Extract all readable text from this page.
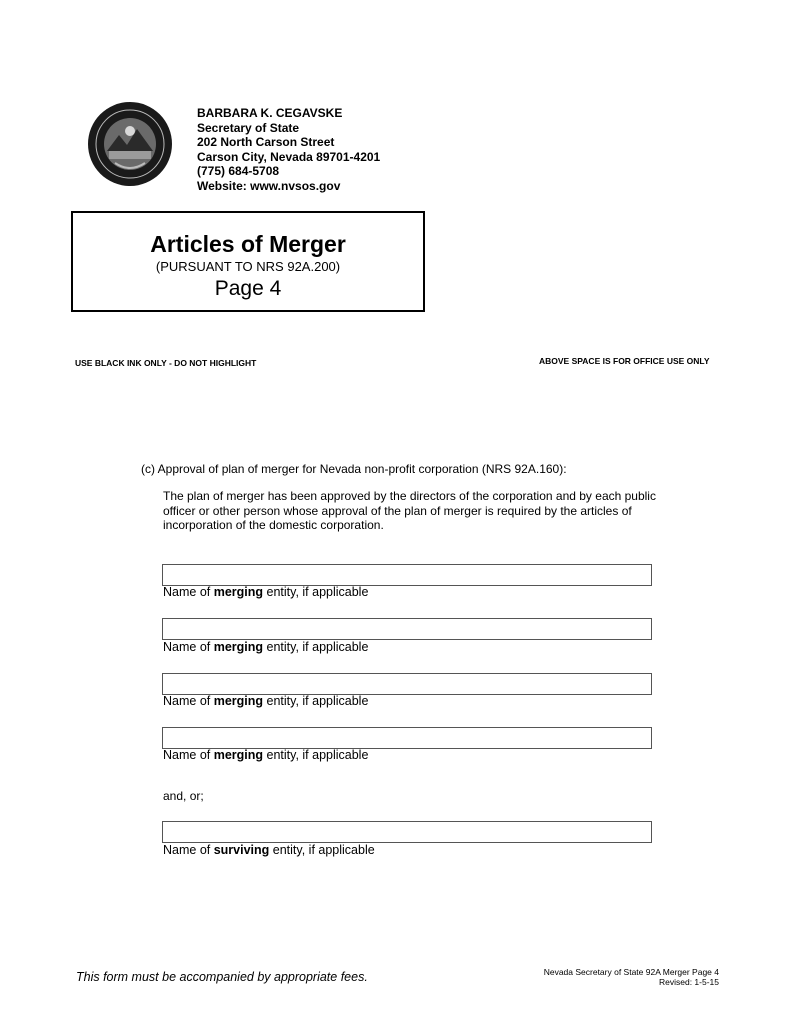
BARBARA K. CEGAVSKE
Secretary of State
202 North Carson Street
Carson City, Nevada 89701-4201
(775) 684-5708
Website: www.nvsos.gov
Articles of Merger
(PURSUANT TO NRS 92A.200)
Page 4
USE BLACK INK ONLY - DO NOT HIGHLIGHT	ABOVE SPACE IS FOR OFFICE USE ONLY
(c) Approval of plan of merger for Nevada non-profit corporation (NRS 92A.160):
The plan of merger has been approved by the directors of the corporation and by each public officer or other person whose approval of the plan of merger is required by the articles of incorporation of the domestic corporation.
Name of merging entity, if applicable
Name of merging entity, if applicable
Name of merging entity, if applicable
Name of merging entity, if applicable
and, or;
Name of surviving entity, if applicable
This form must be accompanied by appropriate fees.	Nevada Secretary of State 92A Merger Page 4
Revised: 1-5-15
